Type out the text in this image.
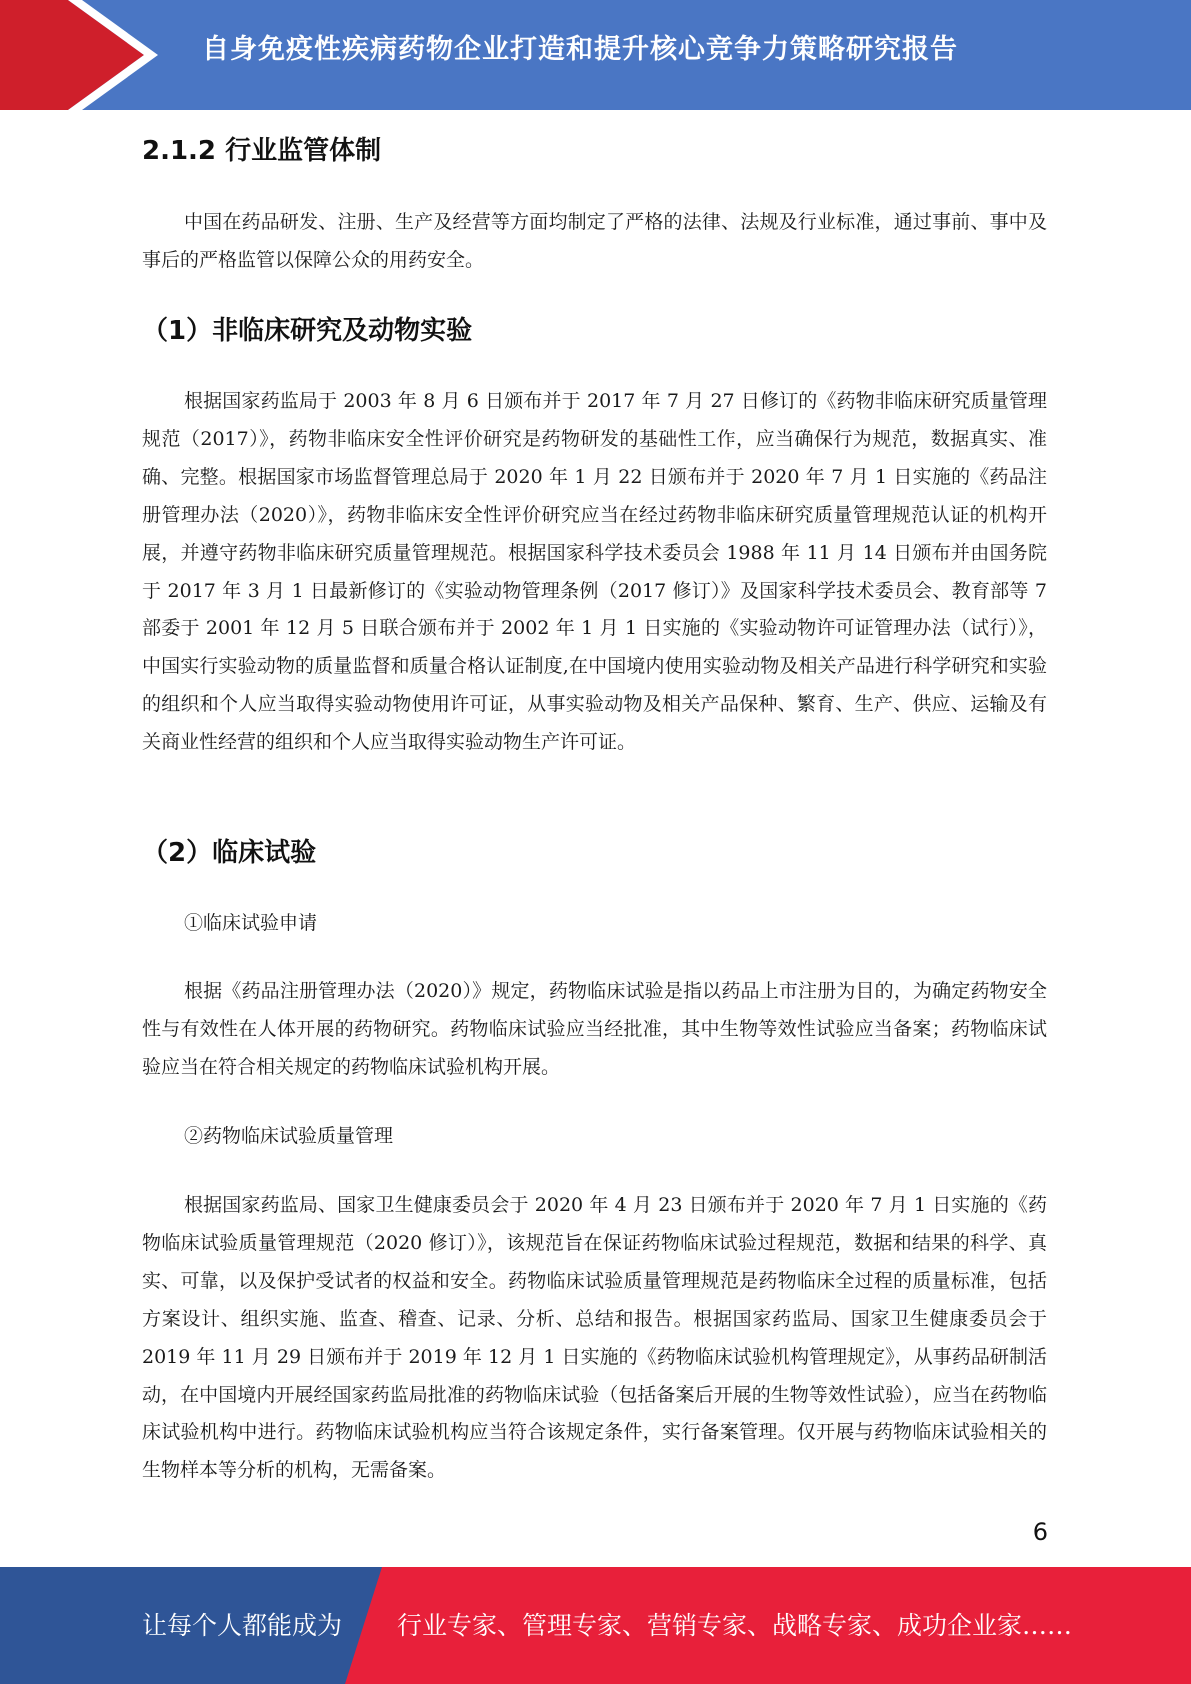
自身免疫性疾病药物企业打造和提升核心竞争力策略研究报告
2.1.2 行业监管体制
中国在药品研发、注册、生产及经营等方面均制定了严格的法律、法规及行业标准，通过事前、事中及事后的严格监管以保障公众的用药安全。
（1）非临床研究及动物实验
根据国家药监局于 2003 年 8 月 6 日颁布并于 2017 年 7 月 27 日修订的《药物非临床研究质量管理规范（2017）》，药物非临床安全性评价研究是药物研发的基础性工作，应当确保行为规范，数据真实、准确、完整。根据国家市场监督管理总局于 2020 年 1 月 22 日颁布并于 2020 年 7 月 1 日实施的《药品注册管理办法（2020）》，药物非临床安全性评价研究应当在经过药物非临床研究质量管理规范认证的机构开展，并遵守药物非临床研究质量管理规范。根据国家科学技术委员会 1988 年 11 月 14 日颁布并由国务院于 2017 年 3 月 1 日最新修订的《实验动物管理条例（2017 修订）》及国家科学技术委员会、教育部等 7 部委于 2001 年 12 月 5 日联合颁布并于 2002 年 1 月 1 日实施的《实验动物许可证管理办法（试行）》，中国实行实验动物的质量监督和质量合格认证制度,在中国境内使用实验动物及相关产品进行科学研究和实验的组织和个人应当取得实验动物使用许可证，从事实验动物及相关产品保种、繁育、生产、供应、运输及有关商业性经营的组织和个人应当取得实验动物生产许可证。
（2）临床试验
①临床试验申请
根据《药品注册管理办法（2020）》规定，药物临床试验是指以药品上市注册为目的，为确定药物安全性与有效性在人体开展的药物研究。药物临床试验应当经批准，其中生物等效性试验应当备案；药物临床试验应当在符合相关规定的药物临床试验机构开展。
②药物临床试验质量管理
根据国家药监局、国家卫生健康委员会于 2020 年 4 月 23 日颁布并于 2020 年 7 月 1 日实施的《药物临床试验质量管理规范（2020 修订）》，该规范旨在保证药物临床试验过程规范，数据和结果的科学、真实、可靠，以及保护受试者的权益和安全。药物临床试验质量管理规范是药物临床全过程的质量标准，包括方案设计、组织实施、监查、稽查、记录、分析、总结和报告。根据国家药监局、国家卫生健康委员会于 2019 年 11 月 29 日颁布并于 2019 年 12 月 1 日实施的《药物临床试验机构管理规定》，从事药品研制活动，在中国境内开展经国家药监局批准的药物临床试验（包括备案后开展的生物等效性试验），应当在药物临床试验机构中进行。药物临床试验机构应当符合该规定条件，实行备案管理。仅开展与药物临床试验相关的生物样本等分析的机构，无需备案。
6
让每个人都能成为 行业专家、管理专家、营销专家、战略专家、成功企业家……
